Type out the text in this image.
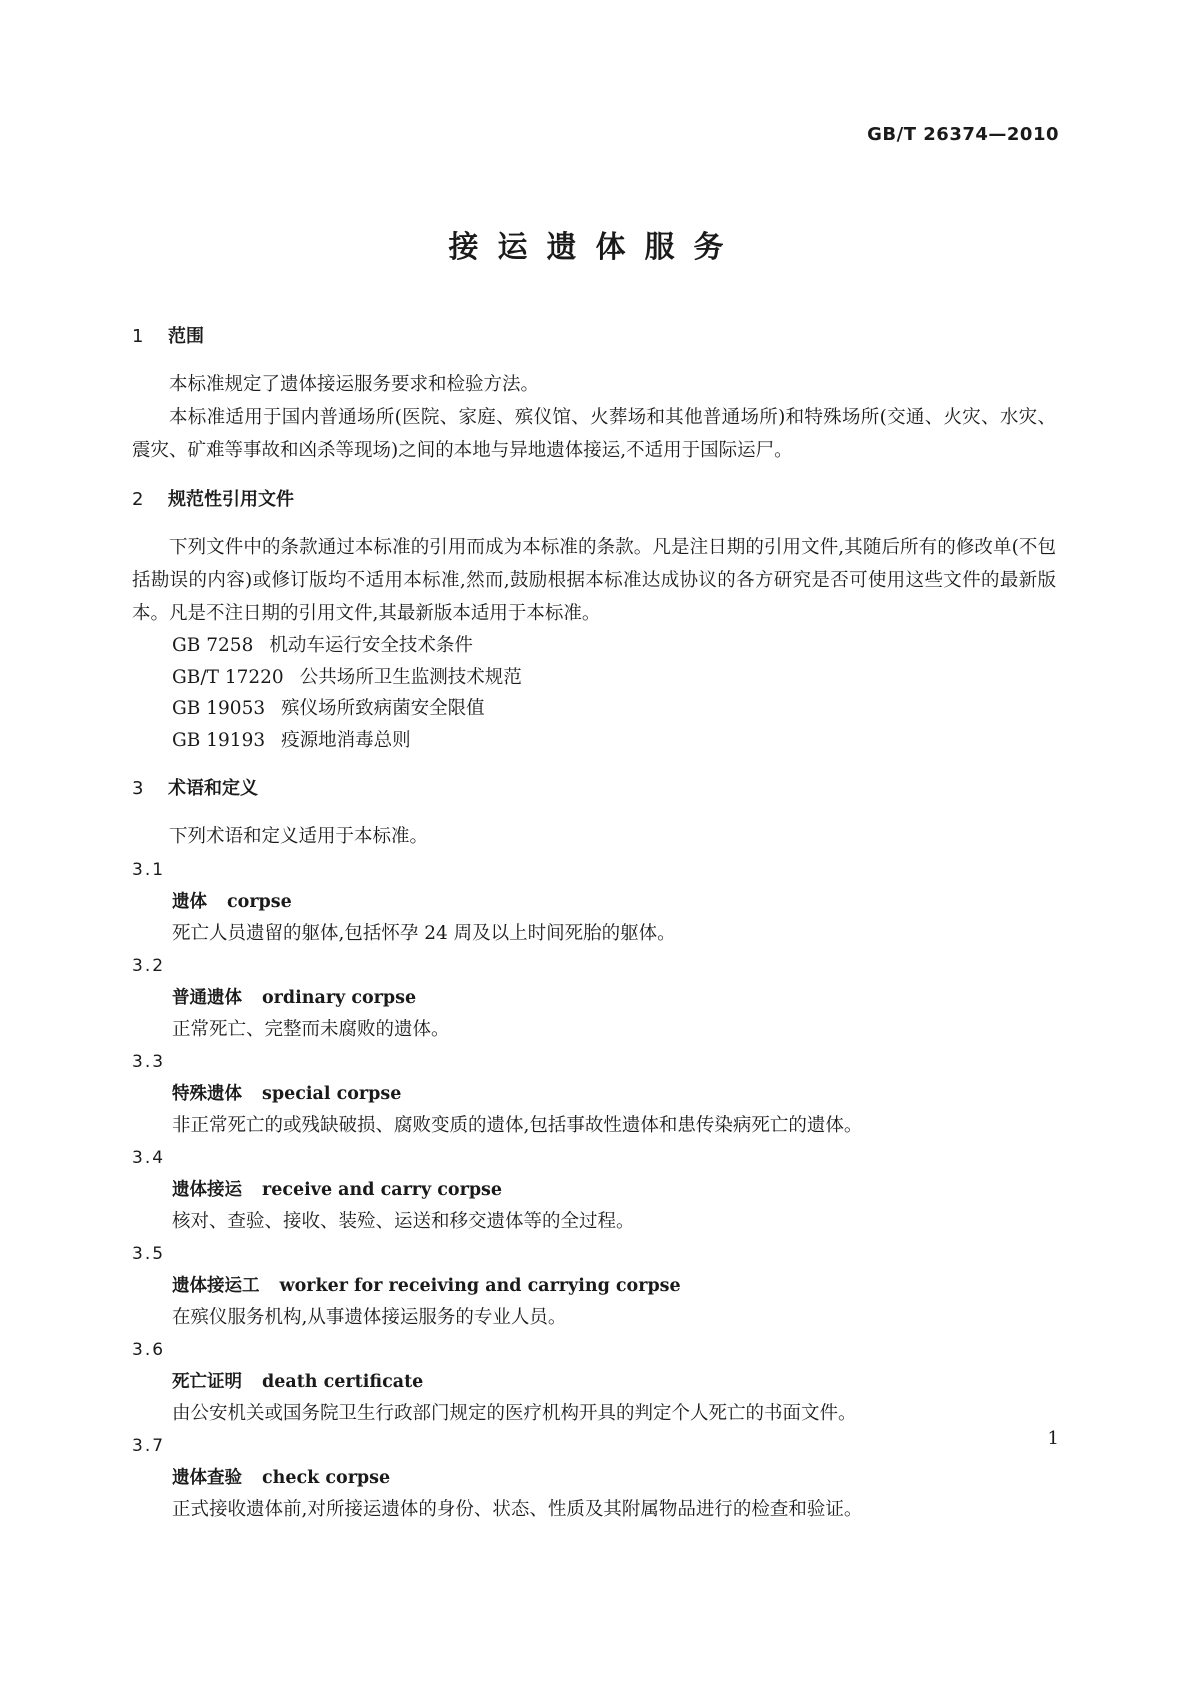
GB/T 26374—2010
接运遗体服务

1 范围

本标准规定了遗体接运服务要求和检验方法。

本标准适用于国内普通场所(医院、家庭、殡仪馆、火葬场和其他普通场所)和特殊场所(交通、火灾、水灾、震灾、矿难等事故和凶杀等现场)之间的本地与异地遗体接运,不适用于国际运尸。

2 规范性引用文件

下列文件中的条款通过本标准的引用而成为本标准的条款。凡是注日期的引用文件,其随后所有的修改单(不包括勘误的内容)或修订版均不适用本标准,然而,鼓励根据本标准达成协议的各方研究是否可使用这些文件的最新版本。凡是不注日期的引用文件,其最新版本适用于本标准。

GB 7258 机动车运行安全技术条件

GB/T 17220 公共场所卫生监测技术规范

GB 19053 殡仪场所致病菌安全限值

GB 19193 疫源地消毒总则

3 术语和定义

下列术语和定义适用于本标准。

3.1

遗体 corpse

死亡人员遗留的躯体,包括怀孕 24 周及以上时间死胎的躯体。

3.2

普通遗体 ordinary corpse

正常死亡、完整而未腐败的遗体。

3.3

特殊遗体 special corpse

非正常死亡的或残缺破损、腐败变质的遗体,包括事故性遗体和患传染病死亡的遗体。

3.4

遗体接运 receive and carry corpse

核对、查验、接收、装殓、运送和移交遗体等的全过程。

3.5

遗体接运工 worker for receiving and carrying corpse

在殡仪服务机构,从事遗体接运服务的专业人员。

3.6

死亡证明 death certificate

由公安机关或国务院卫生行政部门规定的医疗机构开具的判定个人死亡的书面文件。

3.7

遗体查验 check corpse

正式接收遗体前,对所接运遗体的身份、状态、性质及其附属物品进行的检查和验证。

1
